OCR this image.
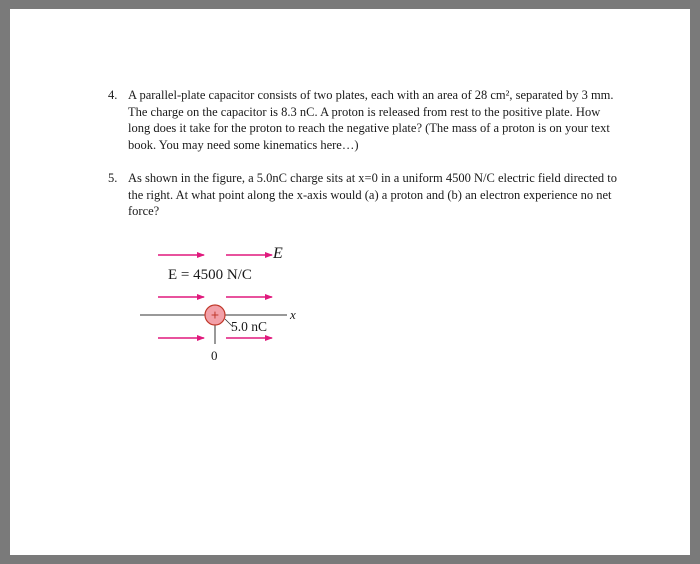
4. A parallel-plate capacitor consists of two plates, each with an area of 28 cm², separated by 3 mm. The charge on the capacitor is 8.3 nC. A proton is released from rest to the positive plate. How long does it take for the proton to reach the negative plate? (The mass of a proton is on your text book. You may need some kinematics here…)
5. As shown in the figure, a 5.0nC charge sits at x=0 in a uniform 4500 N/C electric field directed to the right. At what point along the x-axis would (a) a proton and (b) an electron experience no net force?
+
E⃗
E = 4500 N/C
x
5.0 nC
0
